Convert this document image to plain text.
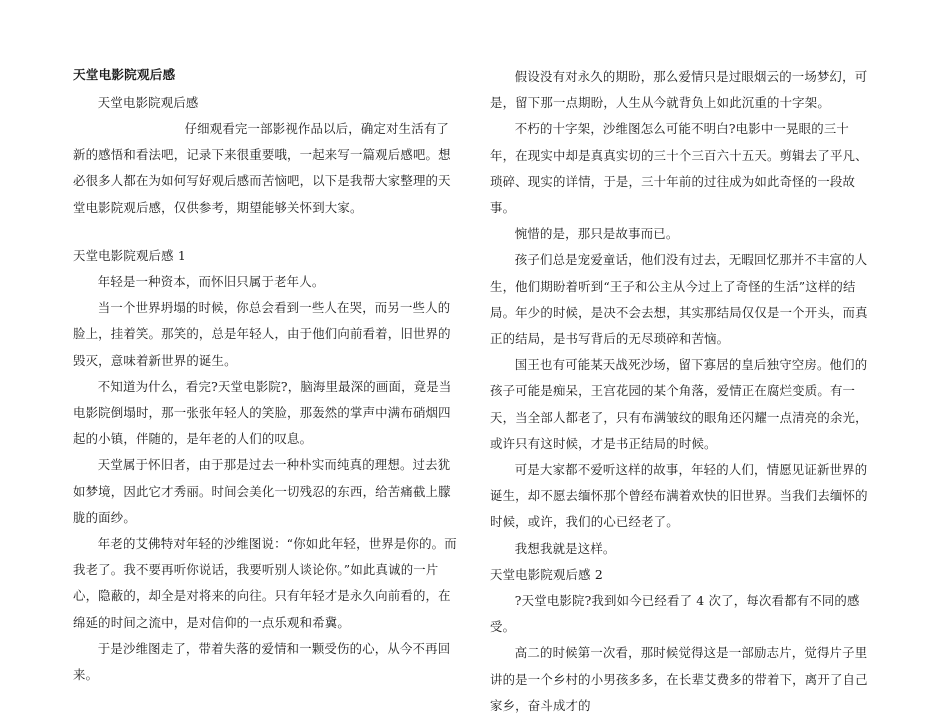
天堂电影院观后感

天堂电影院观后感

仔细观看完一部影视作品以后，确定对生活有了新的感悟和看法吧，记录下来很重要哦，一起来写一篇观后感吧。想必很多人都在为如何写好观后感而苦恼吧，以下是我帮大家整理的天堂电影院观后感，仅供参考，期望能够关怀到大家。

天堂电影院观后感 1

年轻是一种资本，而怀旧只属于老年人。

当一个世界坍塌的时候，你总会看到一些人在哭，而另一些人的脸上，挂着笑。那笑的，总是年轻人，由于他们向前看着，旧世界的毁灭，意味着新世界的诞生。

不知道为什么，看完?天堂电影院?，脑海里最深的画面，竟是当电影院倒塌时，那一张张年轻人的笑脸，那轰然的掌声中满布硝烟四起的小镇，伴随的，是年老的人们的叹息。

天堂属于怀旧者，由于那是过去一种朴实而纯真的理想。过去犹如梦境，因此它才秀丽。时间会美化一切残忍的东西，给苦痛截上朦胧的面纱。

年老的艾佛特对年轻的沙维图说：“你如此年轻，世界是你的。而我老了。我不要再听你说话，我要听别人谈论你。”如此真诚的一片心，隐蔽的，却全是对将来的向往。只有年轻才是永久向前看的，在绵延的时间之流中，是对信仰的一点乐观和希冀。

于是沙维图走了，带着失落的爱情和一颗受伤的心，从今不再回来。

假设没有对永久的期盼，那么爱情只是过眼烟云的一场梦幻，可是，留下那一点期盼，人生从今就背负上如此沉重的十字架。

不朽的十字架，沙维图怎么可能不明白?电影中一晃眼的三十年，在现实中却是真真实切的三十个三百六十五天。剪辑去了平凡、琐碎、现实的详情，于是，三十年前的过往成为如此奇怪的一段故事。

惋惜的是，那只是故事而已。

孩子们总是宠爱童话，他们没有过去，无暇回忆那并不丰富的人生，他们期盼着听到“王子和公主从今过上了奇怪的生活”这样的结局。年少的时候，是决不会去想，其实那结局仅仅是一个开头，而真正的结局，是书写背后的无尽琐碎和苦恼。

国王也有可能某天战死沙场，留下寡居的皇后独守空房。他们的孩子可能是痴呆，王宫花园的某个角落，爱情正在腐烂变质。有一天，当全部人都老了，只有布满皱纹的眼角还闪耀一点清亮的余光，或许只有这时候，才是书正结局的时候。

可是大家都不爱听这样的故事，年轻的人们，情愿见证新世界的诞生，却不愿去缅怀那个曾经布满着欢快的旧世界。当我们去缅怀的时候，或许，我们的心已经老了。

我想我就是这样。

天堂电影院观后感 2

?天堂电影院?我到如今已经看了 4 次了，每次看都有不同的感受。

高二的时候第一次看，那时候觉得这是一部励志片，觉得片子里讲的是一个乡村的小男孩多多，在长辈艾费多的带着下，离开了自己家乡，奋斗成才的
